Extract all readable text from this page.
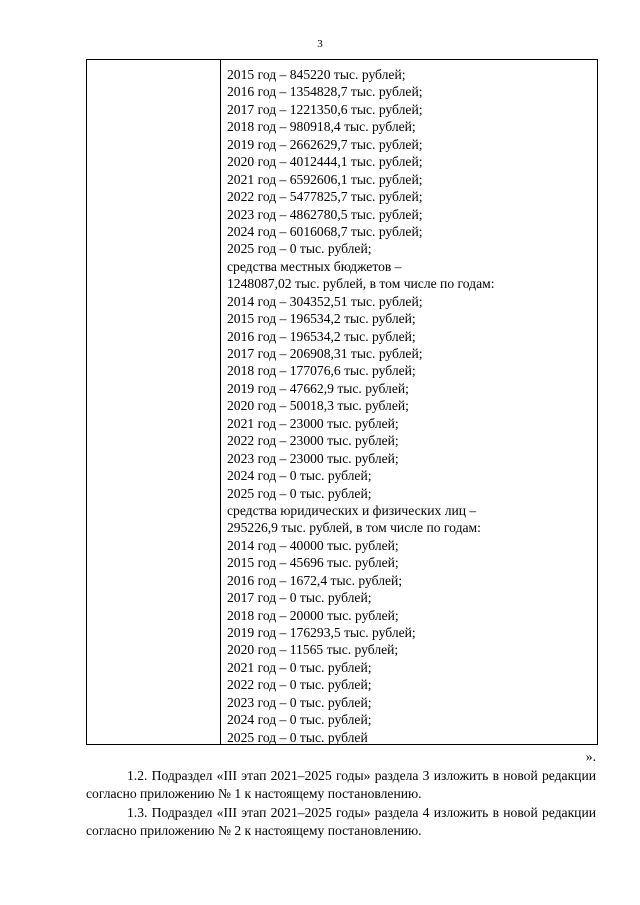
3
2015 год – 845220 тыс. рублей;
2016 год – 1354828,7 тыс. рублей;
2017 год – 1221350,6 тыс. рублей;
2018 год – 980918,4 тыс. рублей;
2019 год – 2662629,7 тыс. рублей;
2020 год – 4012444,1 тыс. рублей;
2021 год – 6592606,1 тыс. рублей;
2022 год – 5477825,7 тыс. рублей;
2023 год – 4862780,5 тыс. рублей;
2024 год – 6016068,7 тыс. рублей;
2025 год – 0 тыс. рублей;
средства местных бюджетов –
1248087,02 тыс. рублей, в том числе по годам:
2014 год – 304352,51 тыс. рублей;
2015 год – 196534,2 тыс. рублей;
2016 год – 196534,2 тыс. рублей;
2017 год – 206908,31 тыс. рублей;
2018 год – 177076,6 тыс. рублей;
2019 год – 47662,9 тыс. рублей;
2020 год – 50018,3 тыс. рублей;
2021 год – 23000 тыс. рублей;
2022 год – 23000 тыс. рублей;
2023 год – 23000 тыс. рублей;
2024 год – 0 тыс. рублей;
2025 год – 0 тыс. рублей;
средства юридических и физических лиц –
295226,9 тыс. рублей, в том числе по годам:
2014 год – 40000 тыс. рублей;
2015 год – 45696 тыс. рублей;
2016 год – 1672,4 тыс. рублей;
2017 год – 0 тыс. рублей;
2018 год – 20000 тыс. рублей;
2019 год – 176293,5 тыс. рублей;
2020 год – 11565 тыс. рублей;
2021 год – 0 тыс. рублей;
2022 год – 0 тыс. рублей;
2023 год – 0 тыс. рублей;
2024 год – 0 тыс. рублей;
2025 год – 0 тыс. рублей
».
1.2. Подраздел «III этап 2021–2025 годы» раздела 3 изложить в новой редакции согласно приложению № 1 к настоящему постановлению.
1.3. Подраздел «III этап 2021–2025 годы» раздела 4 изложить в новой редакции согласно приложению № 2 к настоящему постановлению.
